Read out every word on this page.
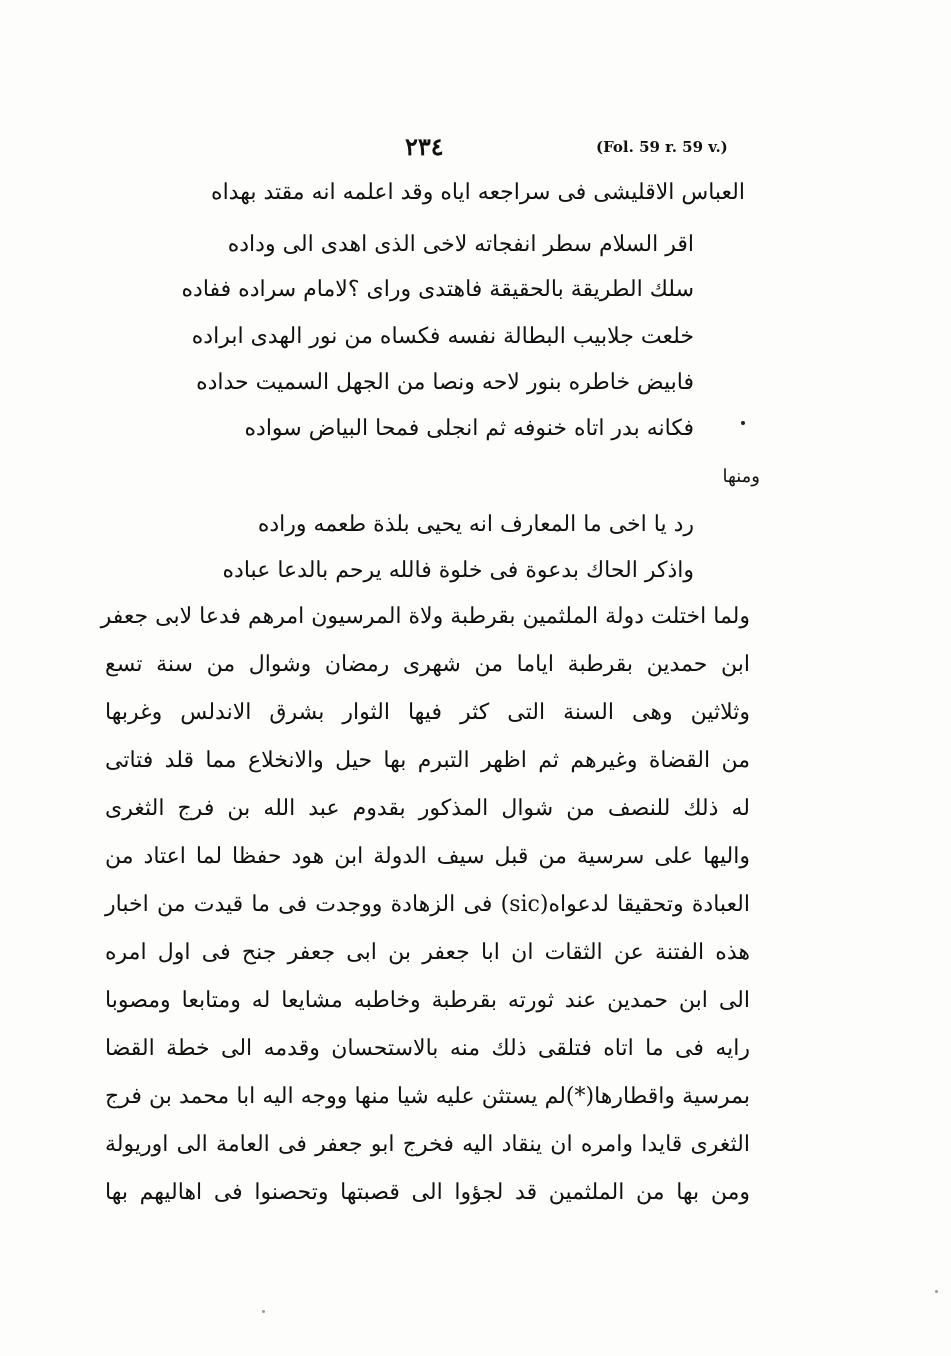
٢٣٤	(Fol. 59 r. 59 v.)
العباس الاقليشى فى سراجعه اياه وقد اعلمه انه مقتد بهداه
اقر السلام سطر انفجاته لاخى الذى اهدى الى وداده
سلك الطريقة بالحقيقة فاهتدى ورای ؟لامام سراده ففاده
خلعت جلابيب البطالة نفسه فكساه من نور الهدى ابراده
فابيض خاطره بنور لاحه ونصا من الجهل السميت حداده
فكانه بدر اتاه خنوفه ثم انجلى فمحا البياض سواده
ومنها
رد يا اخى ما المعارف انه يحيى بلذة طعمه وراده
واذكر الحاك بدعوة فى خلوة فالله يرحم بالدعا عباده
ولما اختلت دولة الملثمين بقرطبة ولاة المرسيون امرهم فدعا لابى جعفر
ابن حمدين بقرطبة اياما من شهرى رمضان وشوال من سنة تسع
وثلاثين وهى السنة التى كثر فيها الثوار بشرق الاندلس وغربها
من القضاة وغيرهم ثم اظهر التبرم بها حيل والانخلاع مما قلد فتاتى
له ذلك للنصف من شوال المذكور بقدوم عبد الله بن فرج الثغرى
واليها على سرسية من قبل سيف الدولة ابن هود حفظا لما اعتاد من
العبادة وتحقيقا لدعواه(sic) فى الزهادة ووجدت فى ما قيدت من اخبار
هذه الفتنة عن الثقات ان ابا جعفر بن ابى جعفر جنح فى اول امره
الى ابن حمدين عند ثورته بقرطبة وخاطبه مشايعا له ومتابعا ومصوبا
رايه فى ما اتاه فتلقى ذلك منه بالاستحسان وقدمه الى خطة القضا
بمرسية واقطارها(*)لم يستثن عليه شيا منها ووجه اليه ابا محمد بن فرج
الثغرى قايدا وامره ان ينقاد اليه فخرج ابو جعفر فى العامة الى اوريولة
ومن بها من الملثمين قد لجؤوا الى قصبتها وتحصنوا فى اهاليهم بها
